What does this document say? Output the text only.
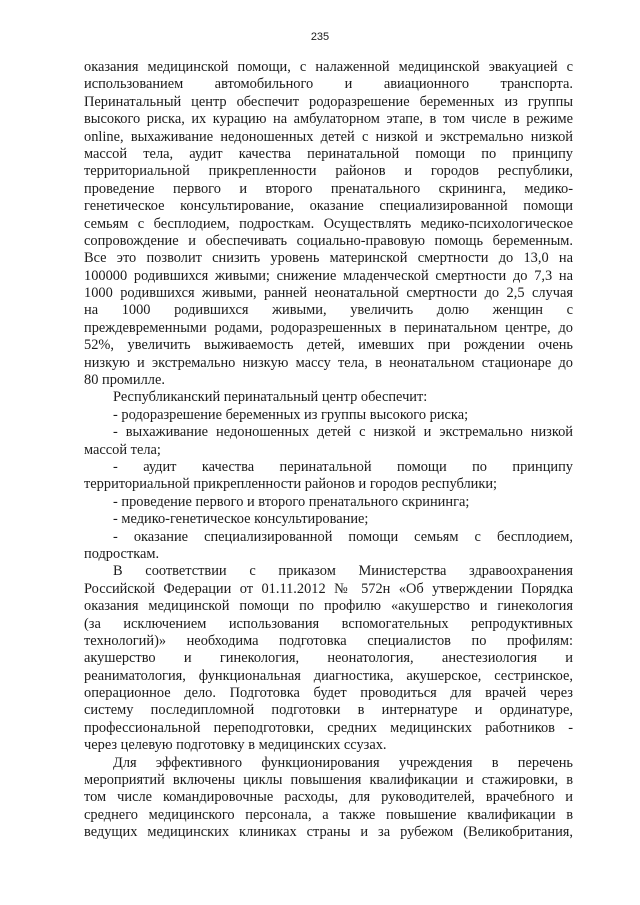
235
оказания медицинской помощи, с налаженной медицинской эвакуацией с
использованием автомобильного и авиационного транспорта.
Перинатальный центр обеспечит родоразрешение беременных из группы
высокого риска, их курацию на амбулаторном этапе, в том числе в режиме
online, выхаживание недоношенных детей с низкой и экстремально низкой
массой тела, аудит качества перинатальной помощи по принципу
территориальной прикрепленности районов и городов республики,
проведение первого и второго пренатального скрининга, медико-
генетическое консультирование, оказание специализированной помощи
семьям с бесплодием, подросткам. Осуществлять медико-психологическое
сопровождение и обеспечивать социально-правовую помощь беременным.
Все это позволит снизить уровень материнской смертности до 13,0 на
100000 родившихся живыми; снижение младенческой смертности до 7,3 на
1000 родившихся живыми, ранней неонатальной смертности до 2,5 случая
на 1000 родившихся живыми, увеличить долю женщин с
преждевременными родами, родоразрешенных в перинатальном центре, до
52%, увеличить выживаемость детей, имевших при рождении очень
низкую и экстремально низкую массу тела, в неонатальном стационаре до
80 промилле.
Республиканский перинатальный центр обеспечит:
- родоразрешение беременных из группы высокого риска;
- выхаживание недоношенных детей с низкой и экстремально низкой
массой тела;
- аудит качества перинатальной помощи по принципу
территориальной прикрепленности районов и городов республики;
- проведение первого и второго пренатального скрининга;
- медико-генетическое консультирование;
- оказание специализированной помощи семьям с бесплодием,
подросткам.
В соответствии с приказом Министерства здравоохранения
Российской Федерации от 01.11.2012 № 572н «Об утверждении Порядка
оказания медицинской помощи по профилю «акушерство и гинекология
(за исключением использования вспомогательных репродуктивных
технологий)» необходима подготовка специалистов по профилям:
акушерство и гинекология, неонатология, анестезиология и
реаниматология, функциональная диагностика, акушерское, сестринское,
операционное дело. Подготовка будет проводиться для врачей через
систему последипломной подготовки в интернатуре и ординатуре,
профессиональной переподготовки, средних медицинских работников -
через целевую подготовку в медицинских ссузах.
Для эффективного функционирования учреждения в перечень
мероприятий включены циклы повышения квалификации и стажировки, в
том числе командировочные расходы, для руководителей, врачебного и
среднего медицинского персонала, а также повышение квалификации в
ведущих медицинских клиниках страны и за рубежом (Великобритания,
